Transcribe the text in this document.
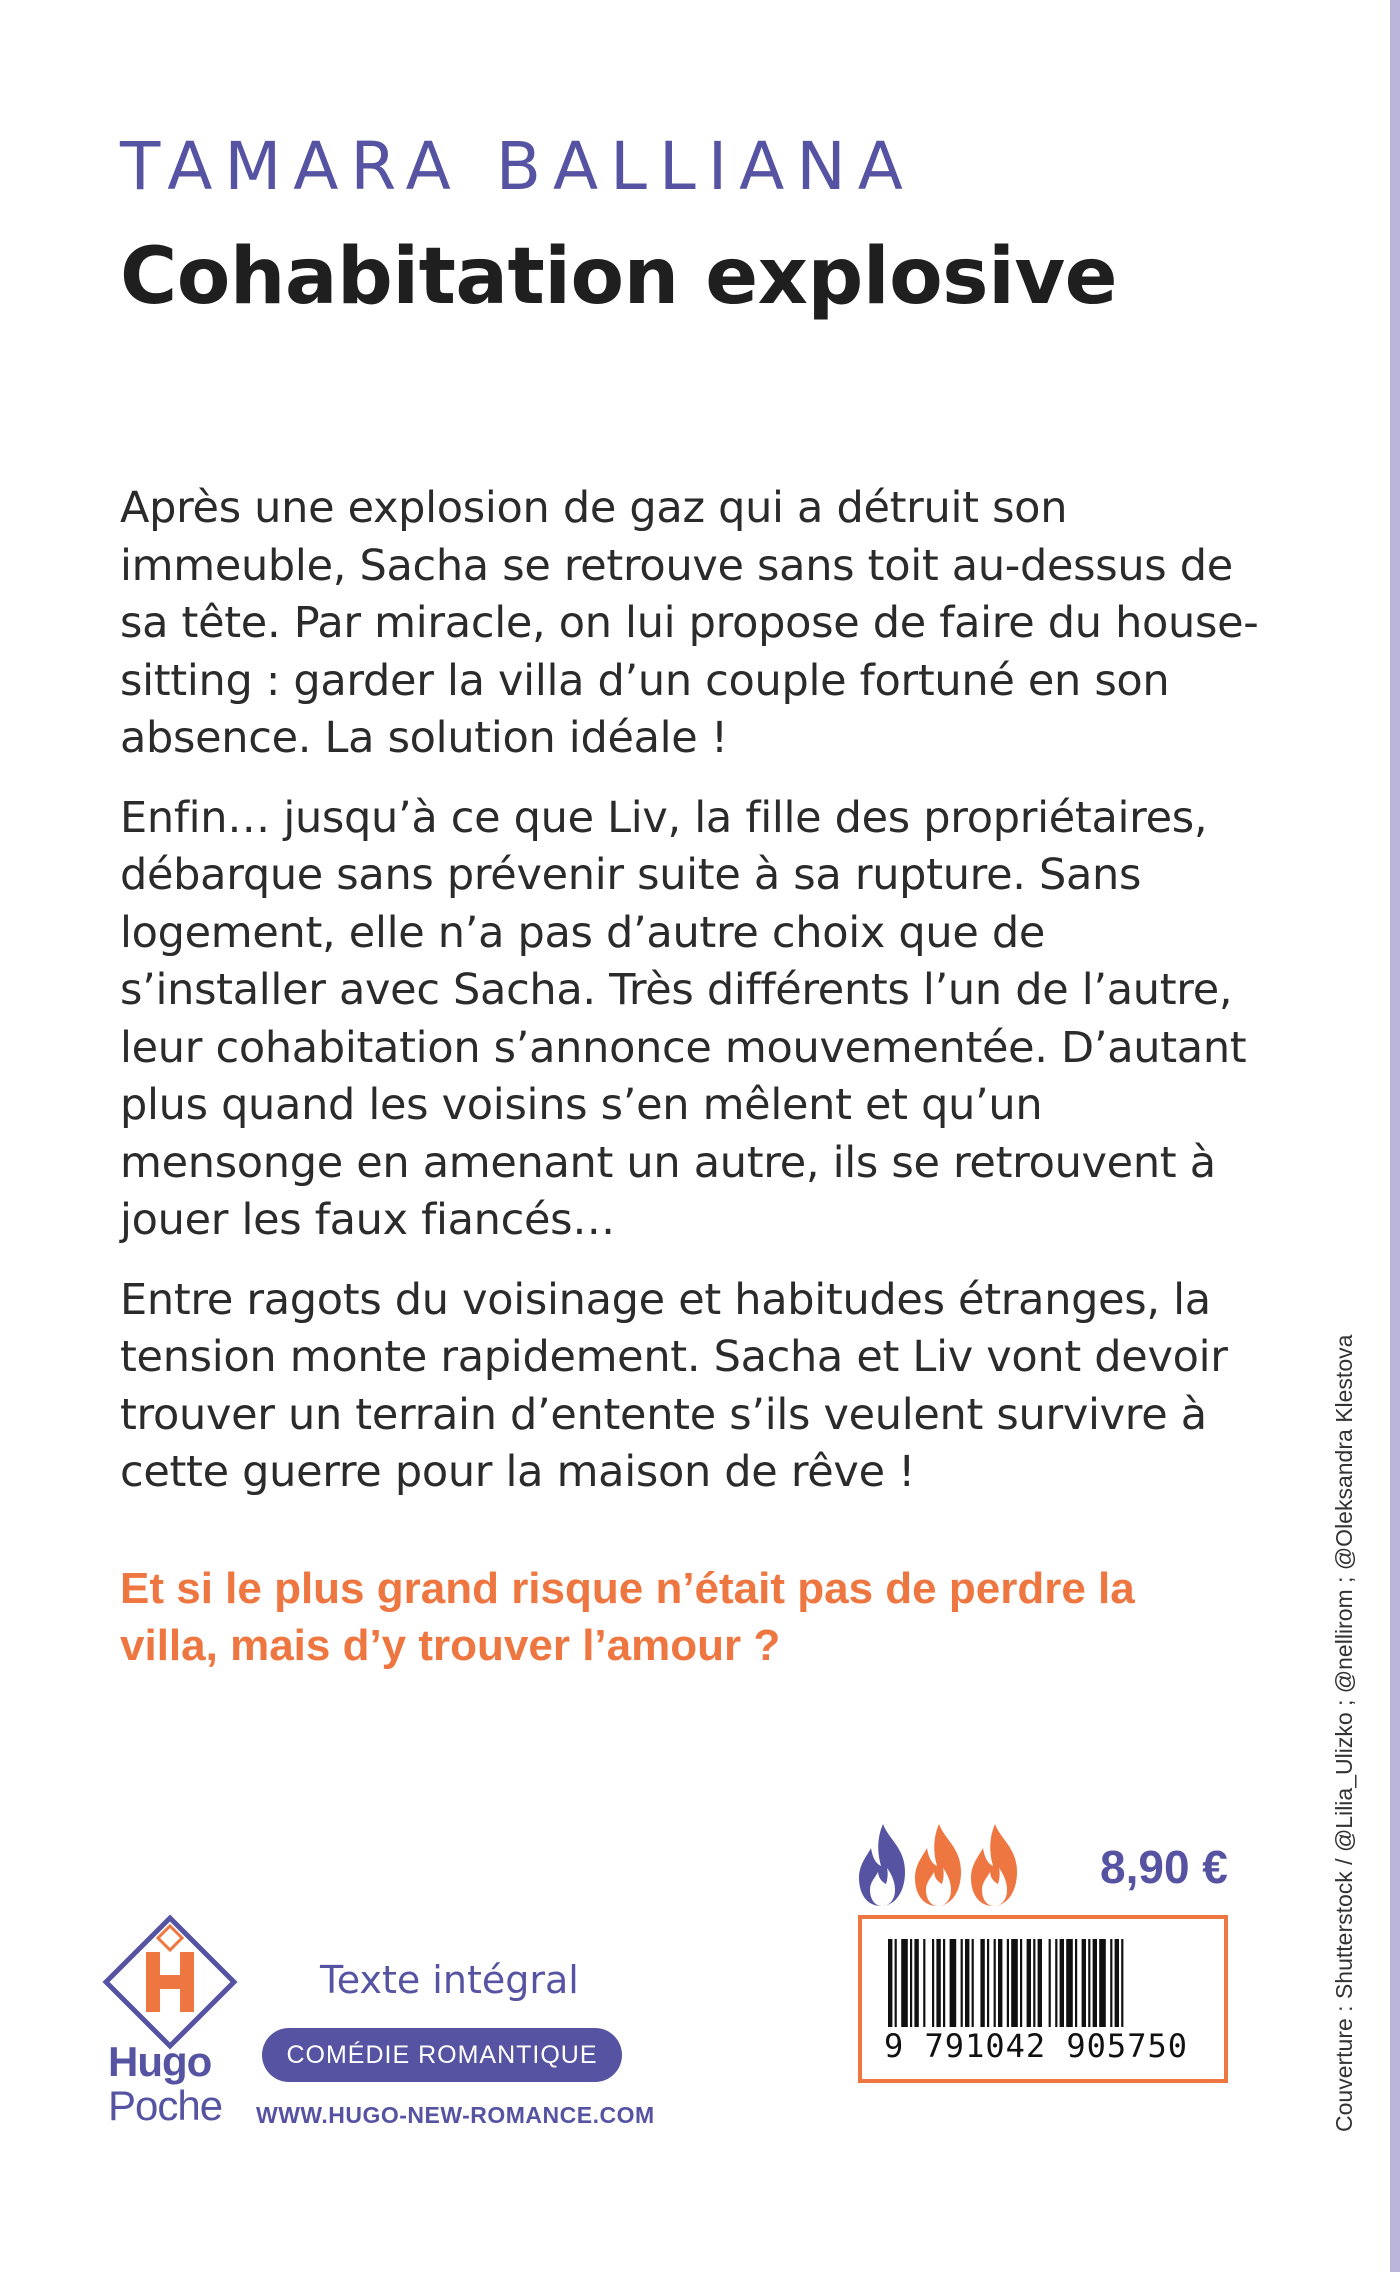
TAMARA BALLIANA
Cohabitation explosive

Après une explosion de gaz qui a détruit son immeuble, Sacha se retrouve sans toit au-dessus de sa tête. Par miracle, on lui propose de faire du house-sitting : garder la villa d’un couple fortuné en son absence. La solution idéale !

Enfin… jusqu’à ce que Liv, la fille des propriétaires, débarque sans prévenir suite à sa rupture. Sans logement, elle n’a pas d’autre choix que de s’installer avec Sacha. Très différents l’un de l’autre, leur cohabitation s’annonce mouvementée. D’autant plus quand les voisins s’en mêlent et qu’un mensonge en amenant un autre, ils se retrouvent à jouer les faux fiancés…

Entre ragots du voisinage et habitudes étranges, la tension monte rapidement. Sacha et Liv vont devoir trouver un terrain d’entente s’ils veulent survivre à cette guerre pour la maison de rêve !

Et si le plus grand risque n’était pas de perdre la villa, mais d’y trouver l’amour ?

8,90 €
9 791042 905750
Hugo
Poche
Texte intégral
COMÉDIE ROMANTIQUE
WWW.HUGO-NEW-ROMANCE.COM	Couverture : Shutterstock / @Lilia_Ulizko ; @nellirom ; @Oleksandra Klestova
